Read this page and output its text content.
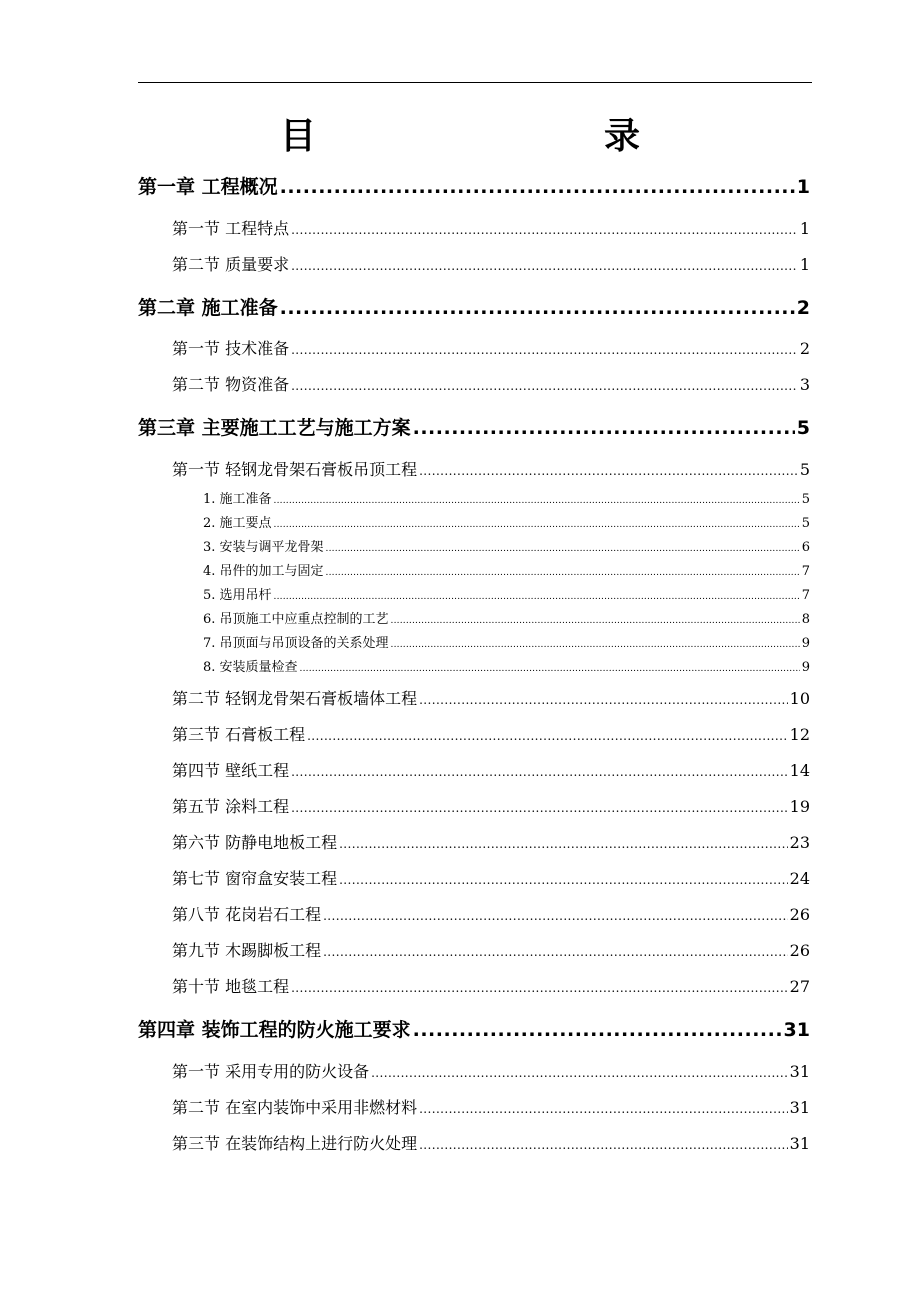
目　　录
第一章 工程概况 .....	1
第一节 工程特点 .....	1
第二节 质量要求 .....	1
第二章 施工准备 .....	2
第一节 技术准备 .....	2
第二节 物资准备 .....	3
第三章 主要施工工艺与施工方案 .....	5
第一节 轻钢龙骨架石膏板吊顶工程 .....	5
1. 施工准备 .....	5
2. 施工要点 .....	5
3. 安装与调平龙骨架 .....	6
4. 吊件的加工与固定 .....	7
5. 选用吊杆 .....	7
6. 吊顶施工中应重点控制的工艺 .....	8
7. 吊顶面与吊顶设备的关系处理 .....	9
8. 安装质量检查 .....	9
第二节 轻钢龙骨架石膏板墙体工程 .....	10
第三节 石膏板工程 .....	12
第四节 壁纸工程 .....	14
第五节 涂料工程 .....	19
第六节 防静电地板工程 .....	23
第七节 窗帘盒安装工程 .....	24
第八节 花岗岩石工程 .....	26
第九节 木踢脚板工程 .....	26
第十节 地毯工程 .....	27
第四章 装饰工程的防火施工要求 .....	31
第一节 采用专用的防火设备 .....	31
第二节 在室内装饰中采用非燃材料 .....	31
第三节 在装饰结构上进行防火处理 .....	31
